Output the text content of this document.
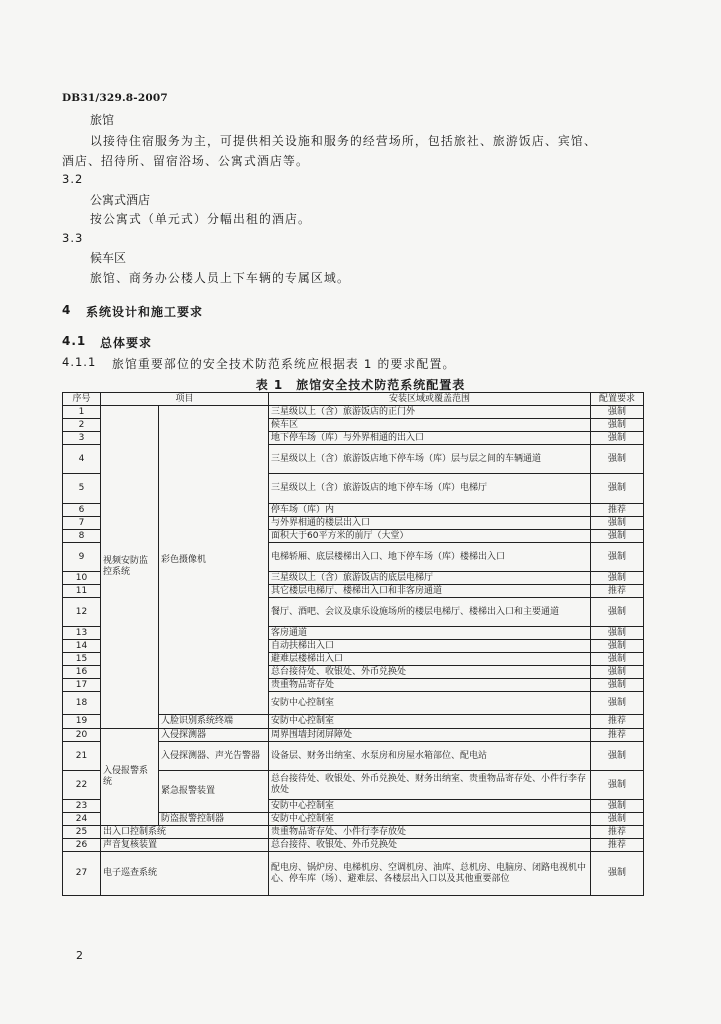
DB31/329.8-2007
旅馆
以接待住宿服务为主，可提供相关设施和服务的经营场所，包括旅社、旅游饭店、宾馆、
酒店、招待所、留宿浴场、公寓式酒店等。
3.2
公寓式酒店
按公寓式（单元式）分幅出租的酒店。
3.3
候车区
旅馆、商务办公楼人员上下车辆的专属区域。
4 系统设计和施工要求
4.1 总体要求
4.1.1 旅馆重要部位的安全技术防范系统应根据表 1 的要求配置。
表 1　旅馆安全技术防范系统配置表
序号	项目		安装区域或覆盖范围	配置要求
1	视频安防监控系统	彩色摄像机	三星级以上（含）旅游饭店的正门外	强制
2			候车区	强制
3			地下停车场（库）与外界相通的出入口	强制
4			三星级以上（含）旅游饭店地下停车场（库）层与层之间的车辆通道	强制
5			三星级以上（含）旅游饭店的地下停车场（库）电梯厅	强制
6			停车场（库）内	推荐
7			与外界相通的楼层出入口	强制
8			面积大于60平方米的前厅（大堂）	强制
9			电梯轿厢、底层楼梯出入口、地下停车场（库）楼梯出入口	强制
10			三星级以上（含）旅游饭店的底层电梯厅	强制
11			其它楼层电梯厅、楼梯出入口和非客房通道	推荐
12			餐厅、酒吧、会议及康乐设施场所的楼层电梯厅、楼梯出入口和主要通道	强制
13			客房通道	强制
14			自动扶梯出入口	强制
15			避难层楼梯出入口	强制
16			总台接待处、收银处、外币兑换处	强制
17			贵重物品寄存处	强制
18			安防中心控制室	强制
19		人脸识别系统终端	安防中心控制室	推荐
20	入侵报警系统	入侵探测器	周界围墙封闭屏障处	推荐
21		入侵探测器、声光告警器	设备层、财务出纳室、水泵房和房屋水箱部位、配电站	强制
22		紧急报警装置	总台接待处、收银处、外币兑换处、财务出纳室、贵重物品寄存处、小件行李存放处	强制
23			安防中心控制室	强制
24		防盗报警控制器	安防中心控制室	强制
25	出入口控制系统		贵重物品寄存处、小件行李存放处	推荐
26	声音复核装置		总台接待、收银处、外币兑换处	推荐
27	电子巡查系统		配电房、锅炉房、电梯机房、空调机房、油库、总机房、电脑房、闭路电视机中心、停车库（场）、避难层、各楼层出入口以及其他重要部位	强制
2
